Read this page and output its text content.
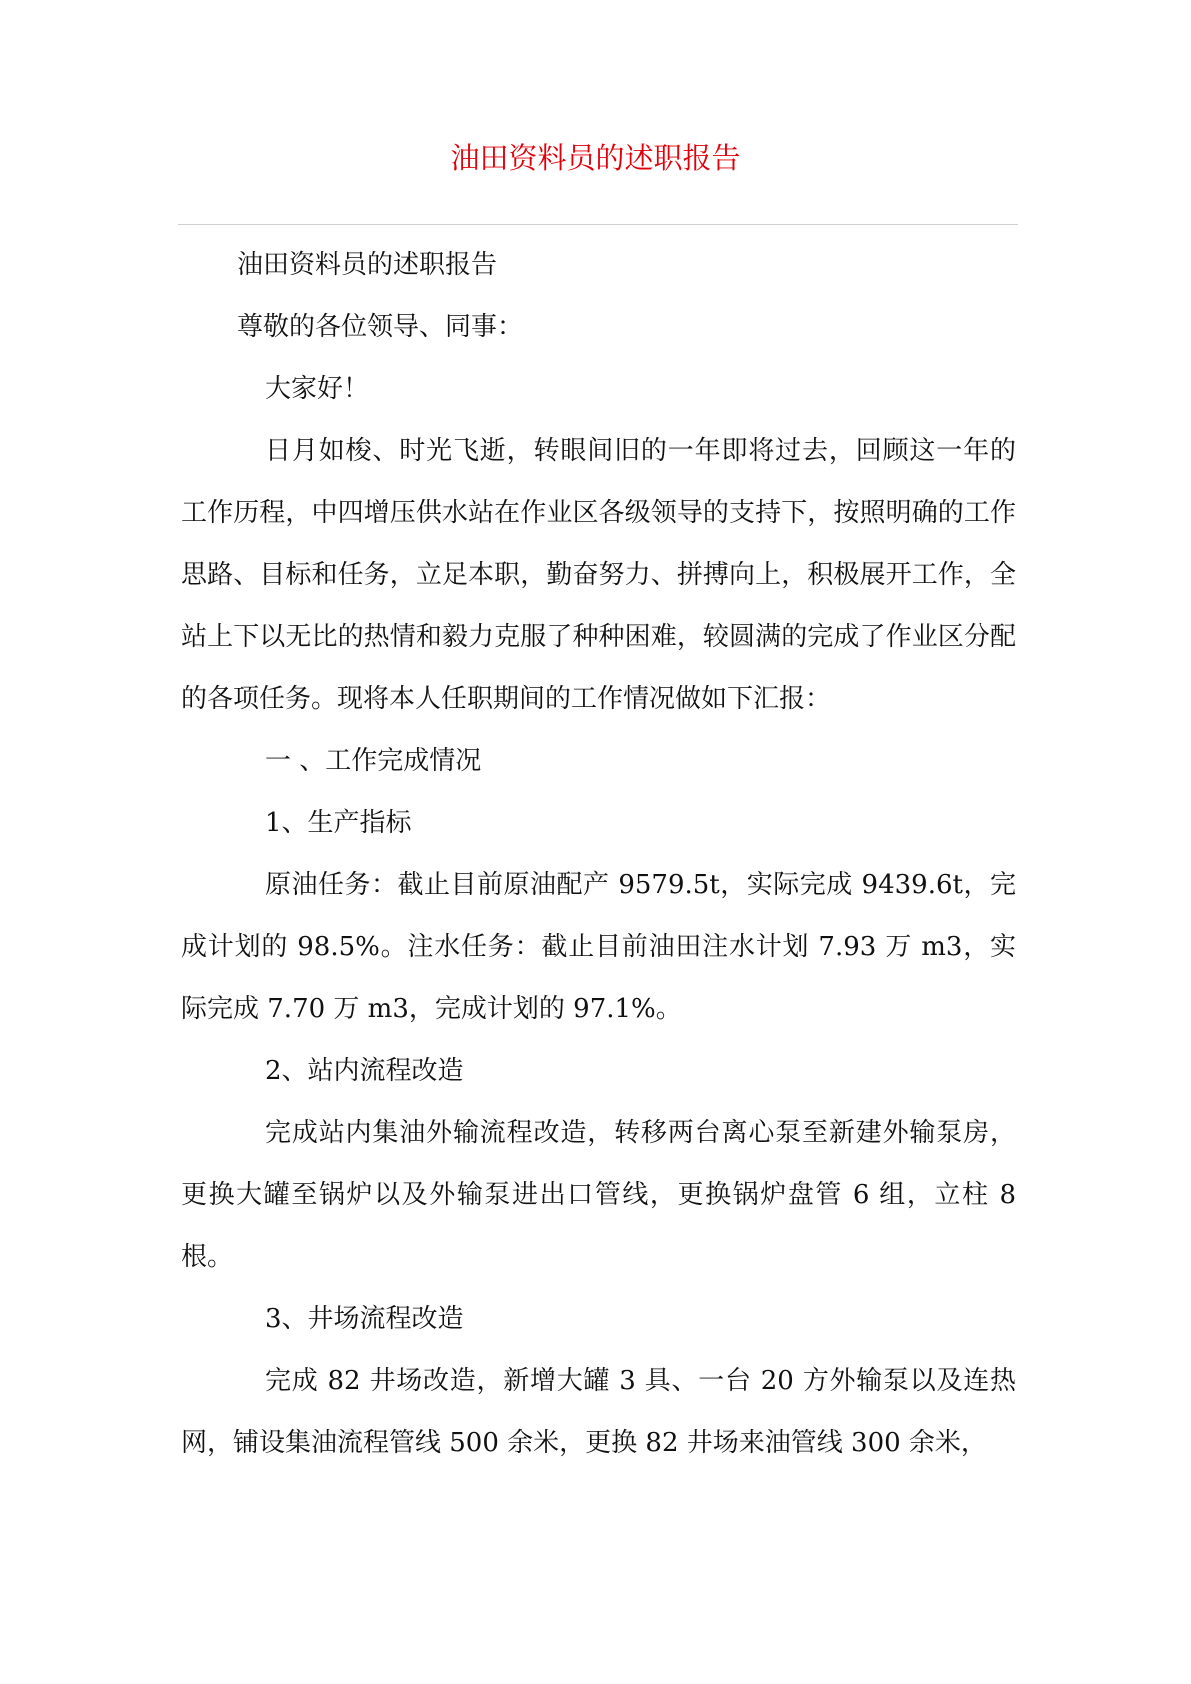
油田资料员的述职报告

油田资料员的述职报告

尊敬的各位领导、同事：

大家好！

日月如梭、时光飞逝，转眼间旧的一年即将过去，回顾这一年的工作历程，中四增压供水站在作业区各级领导的支持下，按照明确的工作思路、目标和任务，立足本职，勤奋努力、拼搏向上，积极展开工作，全站上下以无比的热情和毅力克服了种种困难，较圆满的完成了作业区分配的各项任务。现将本人任职期间的工作情况做如下汇报：

一 、工作完成情况

1、生产指标

原油任务：截止目前原油配产 9579.5t，实际完成 9439.6t，完成计划的 98.5%。注水任务：截止目前油田注水计划 7.93 万 m3，实际完成 7.70 万 m3，完成计划的 97.1%。

2、站内流程改造

完成站内集油外输流程改造，转移两台离心泵至新建外输泵房，更换大罐至锅炉以及外输泵进出口管线，更换锅炉盘管 6 组，立柱 8 根。

3、井场流程改造

完成 82 井场改造，新增大罐 3 具、一台 20 方外输泵以及连热网，铺设集油流程管线 500 余米，更换 82 井场来油管线 300 余米，
